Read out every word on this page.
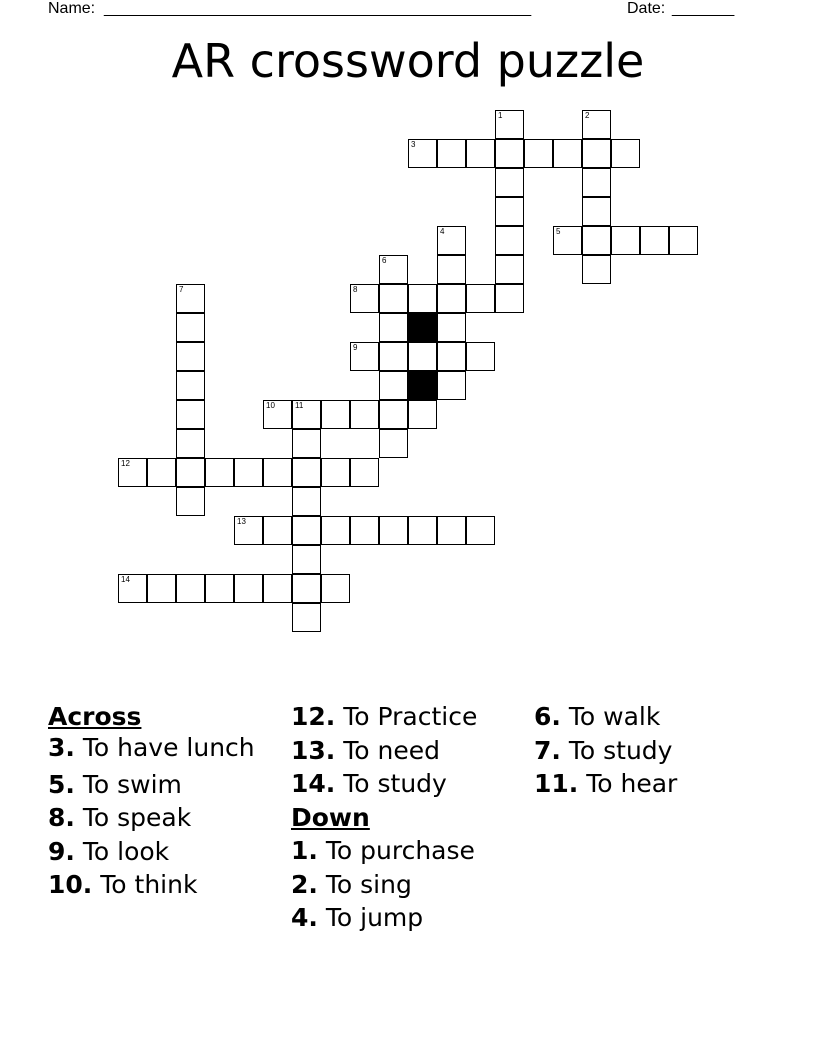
Name: ________________________________________________	Date: _______
AR crossword puzzle
3
5
8
9
10	11
12
13
14
1	2
4
6
7
Across
3. To have lunch
5. To swim
8. To speak
9. To look
10. To think
12. To Practice
13. To need
14. To study
Down
1. To purchase
2. To sing
4. To jump
6. To walk
7. To study
11. To hear
